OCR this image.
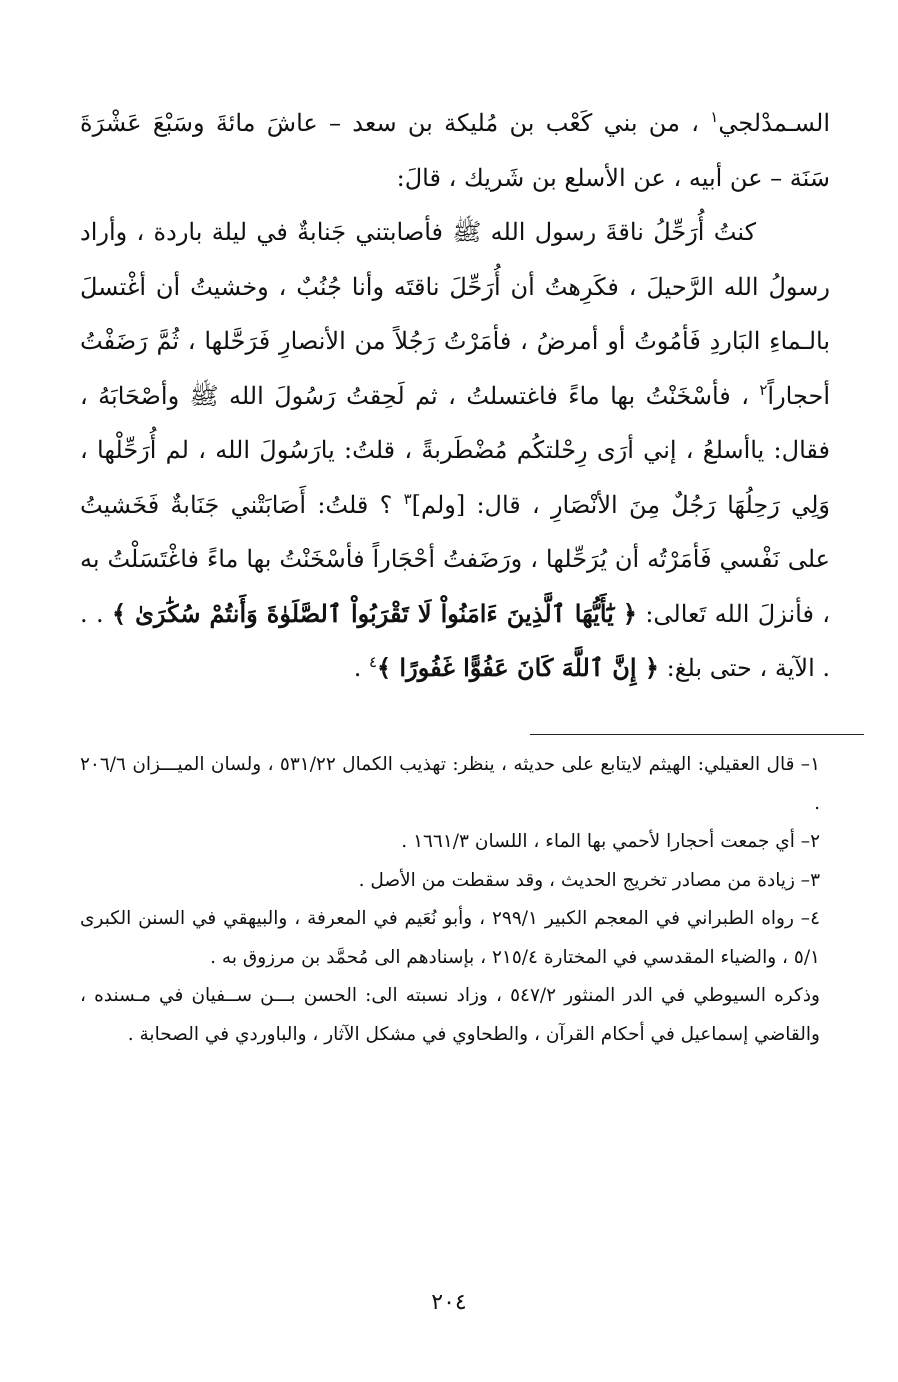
السـمدْلجي$^١$ ، من بني كَعْب بن مُليكة بن سعد – عاشَ مائةَ وسَبْعَ عَشْرَةَ سَنَة – عن أبيه ، عن الأسلع بن شَريك ، قالَ:

كنتُ أُرَحِّلُ ناقةَ رسول الله ﷺ فأصابتني جَنابةٌ في ليلة باردة ، وأراد رسولُ الله الرَّحيلَ ، فكَرِهتُ أن أُرَحِّلَ ناقتَه وأنا جُنُبٌ ، وخشيتُ أن أغْتسلَ بالـماءِ البَاردِ فَأمُوتُ أو أمرضُ ، فأمَرْتُ رَجُلاً من الأنصارِ فَرَحَّلها ، ثُمَّ رَضَفْتُ أحجاراً$^٢$ ، فأسْخَنْتُ بها ماءً فاغتسلتُ ، ثم لَحِقتُ رَسُولَ الله ﷺ وأصْحَابَهُ ، فقال: ياأسلعُ ، إني أرَى رِحْلتكُم مُضْطَربةً ، قلتُ: يارَسُولَ الله ، لم أُرَحِّلْها ، وَلِي رَحِلُهَا رَجُلٌ مِنَ الأنْصَارِ ، قال: [ولم]$^٣$ ؟ قلتُ: أَصَابَتْني جَنَابةٌ فَخَشيتُ على نَفْسي فَأمَرْتُه أن يُرَحِّلها ، ورَضَفتُ أحْجَاراً فأسْخَنْتُ بها ماءً فاغْتَسَلْتُ به ، فأنزلَ الله تَعالى: ﴿ يَٰٓأَيُّهَا ٱلَّذِينَ ءَامَنُواْ لَا تَقْرَبُواْ ٱلصَّلَوٰةَ وَأَنتُمْ سُكَٰرَىٰ ﴾ . . . الآية ، حتى بلغ: ﴿ إِنَّ ٱللَّهَ كَانَ عَفُوًّا غَفُورًا ﴾$^٤$ .

١– قال العقيلي: الهيثم لايتابع على حديثه ، ينظر: تهذيب الكمال ٥٣١/٢٢ ، ولسان الميـــزان ٢٠٦/٦ .

٢– أي جمعت أحجارا لأحمي بها الماء ، اللسان ١٦٦١/٣ .

٣– زيادة من مصادر تخريج الحديث ، وقد سقطت من الأصل .

٤– رواه الطبراني في المعجم الكبير ٢٩٩/١ ، وأبو نُعَيم في المعرفة ، والبيهقي في السنن الكبرى ٥/١ ، والضياء المقدسي في المختارة ٢١٥/٤ ، بإسنادهم الى مُحمَّد بن مرزوق به .

وذكره السيوطي في الدر المنثور ٥٤٧/٢ ، وزاد نسبته الى: الحسن بـــن ســفيان في مـسنده ، والقاضي إسماعيل في أحكام القرآن ، والطحاوي في مشكل الآثار ، والباوردي في الصحابة .

٢٠٤
